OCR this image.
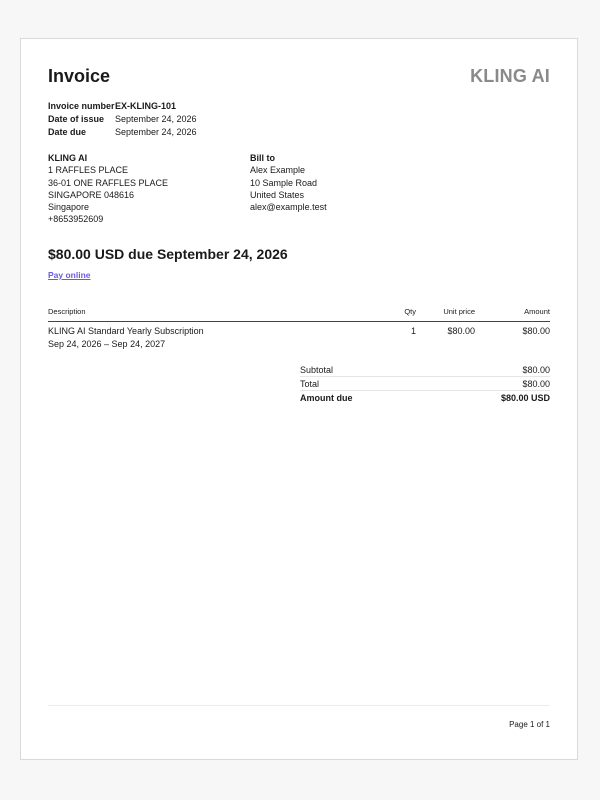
Invoice	KLING AI
Invoice number EX-KLING-101
Date of issue	September 24, 2026
Date due	September 24, 2026
KLING AI
1 RAFFLES PLACE
36-01 ONE RAFFLES PLACE
SINGAPORE 048616
Singapore
+8653952609
Bill to
Alex Example
10 Sample Road
United States
alex@example.test
$80.00 USD due September 24, 2026
Pay online
Description	Qty	Unit price	Amount
KLING AI Standard Yearly Subscription
Sep 24, 2026 – Sep 24, 2027
1	$80.00	$80.00
Subtotal	$80.00
Total	$80.00
Amount due	$80.00 USD
Page 1 of 1
